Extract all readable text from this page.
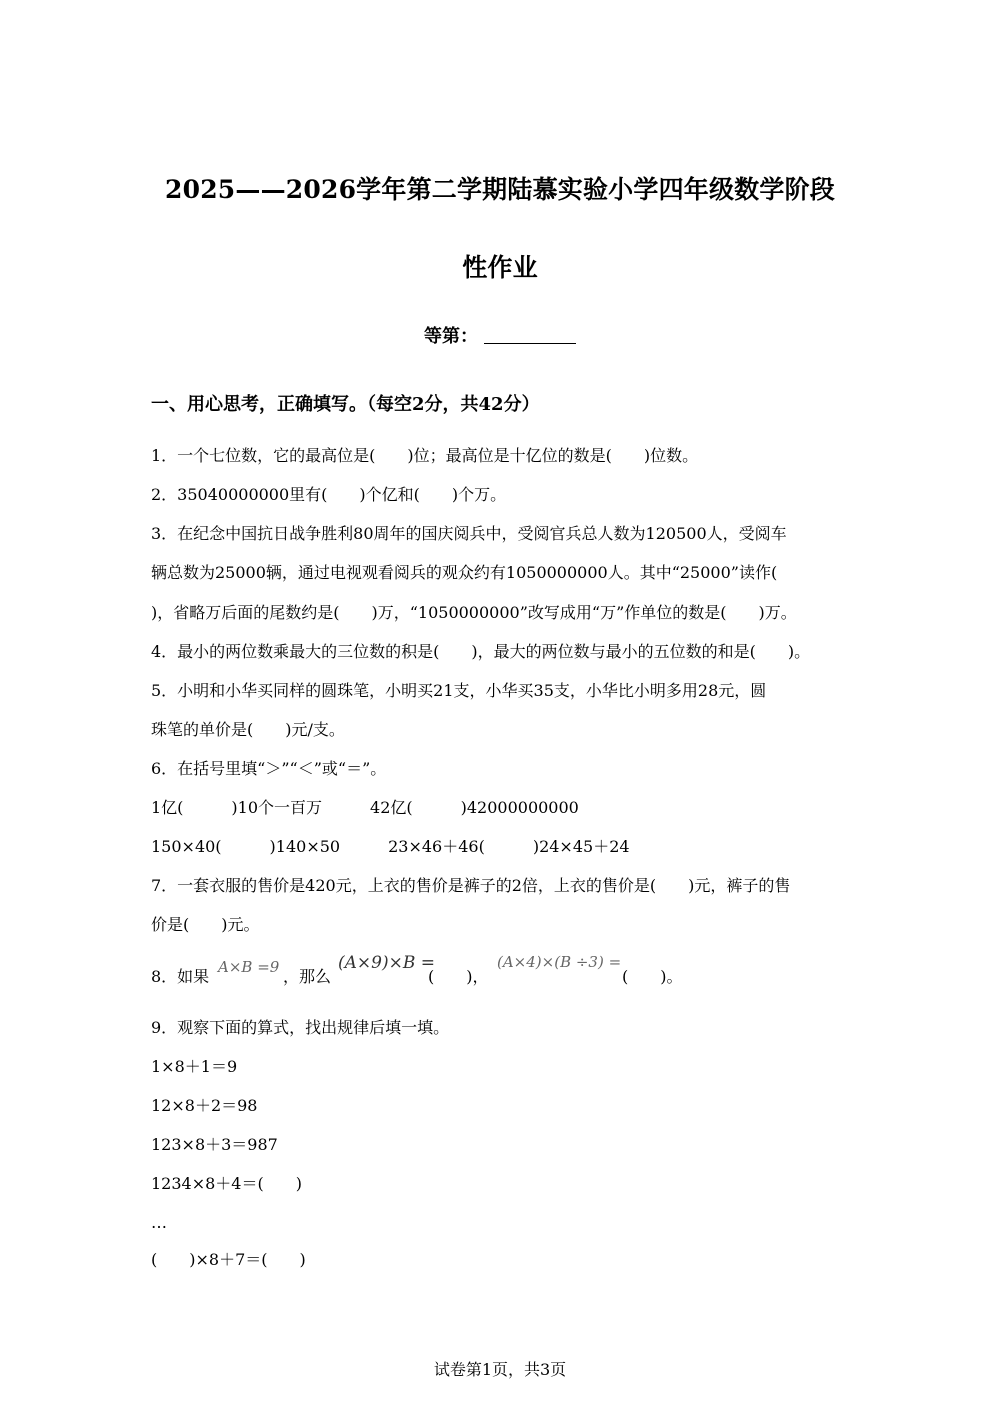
2025——2026学年第二学期陆慕实验小学四年级数学阶段
性作业
等第：
一、用心思考，正确填写。（每空2分，共42分）
1．一个七位数，它的最高位是(　　)位；最高位是十亿位的数是(　　)位数。
2．35040000000里有(　　)个亿和(　　)个万。
3．在纪念中国抗日战争胜利80周年的国庆阅兵中，受阅官兵总人数为120500人，受阅车
辆总数为25000辆，通过电视观看阅兵的观众约有1050000000人。其中“25000”读作(
)，省略万后面的尾数约是(　　)万，“1050000000”改写成用“万”作单位的数是(　　)万。
4．最小的两位数乘最大的三位数的积是(　　)，最大的两位数与最小的五位数的和是(　　)。
5．小明和小华买同样的圆珠笔，小明买21支，小华买35支，小华比小明多用28元，圆
珠笔的单价是(　　)元/支。
6．在括号里填“＞”“＜”或“＝”。
1亿(　　　)10个一百万　　　42亿(　　　)42000000000
150×40(　　　)140×50　　　23×46＋46(　　　)24×45＋24
7．一套衣服的售价是420元，上衣的售价是裤子的2倍，上衣的售价是(　　)元，裤子的售
价是(　　)元。
8．如果 A×B =9 ，那么
(A×9)×B =
(　　)，
(A×4)×(B ÷3) =
(　　)。
9．观察下面的算式，找出规律后填一填。
1×8＋1＝9
12×8＋2＝98
123×8＋3＝987
1234×8＋4＝(　　)
…
(　　)×8＋7＝(　　)
试卷第1页，共3页
